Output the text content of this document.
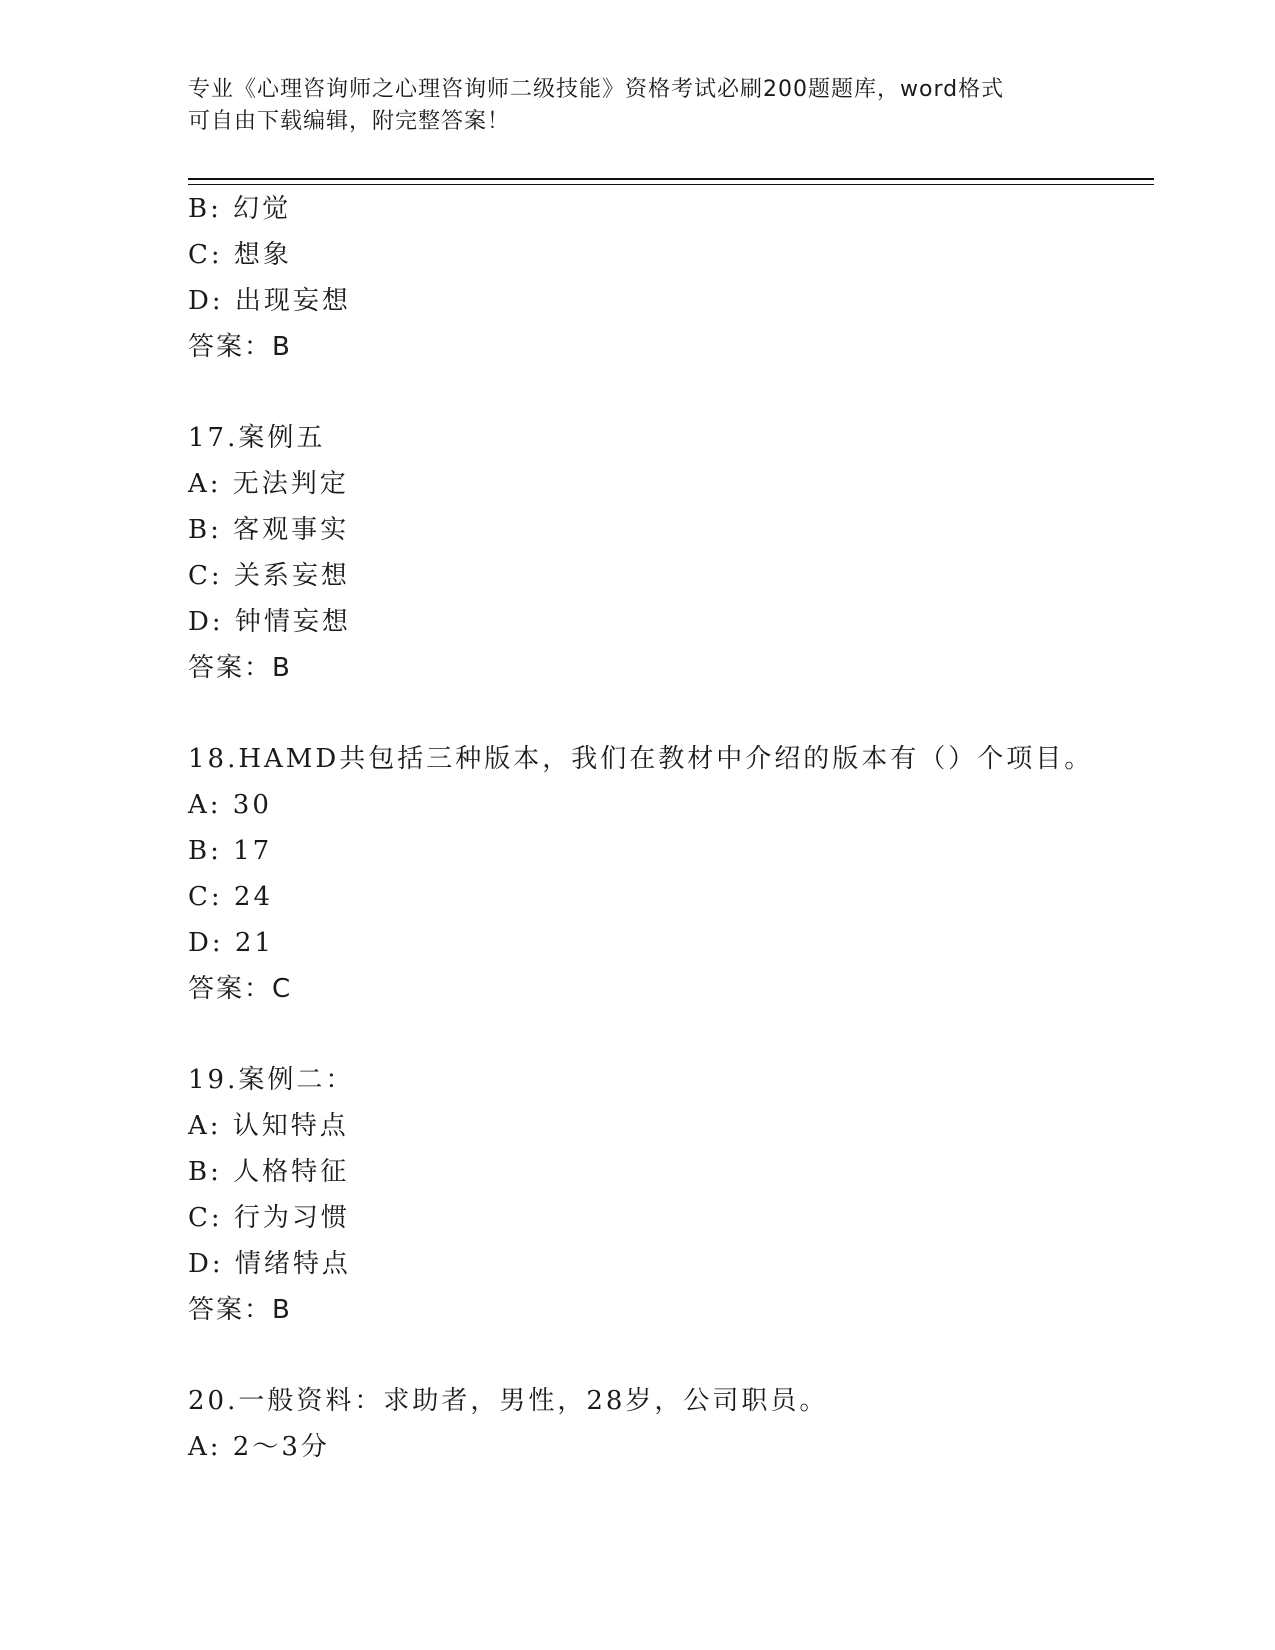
专业《心理咨询师之心理咨询师二级技能》资格考试必刷200题题库，word格式
可自由下载编辑，附完整答案！
B: 幻觉
C: 想象
D: 出现妄想
答案：B
17.案例五
A: 无法判定
B: 客观事实
C: 关系妄想
D: 钟情妄想
答案：B
18.HAMD共包括三种版本，我们在教材中介绍的版本有（）个项目。
A: 30
B: 17
C: 24
D: 21
答案：C
19.案例二：
A: 认知特点
B: 人格特征
C: 行为习惯
D: 情绪特点
答案：B
20.一般资料：求助者，男性，28岁，公司职员。
A: 2～3分
